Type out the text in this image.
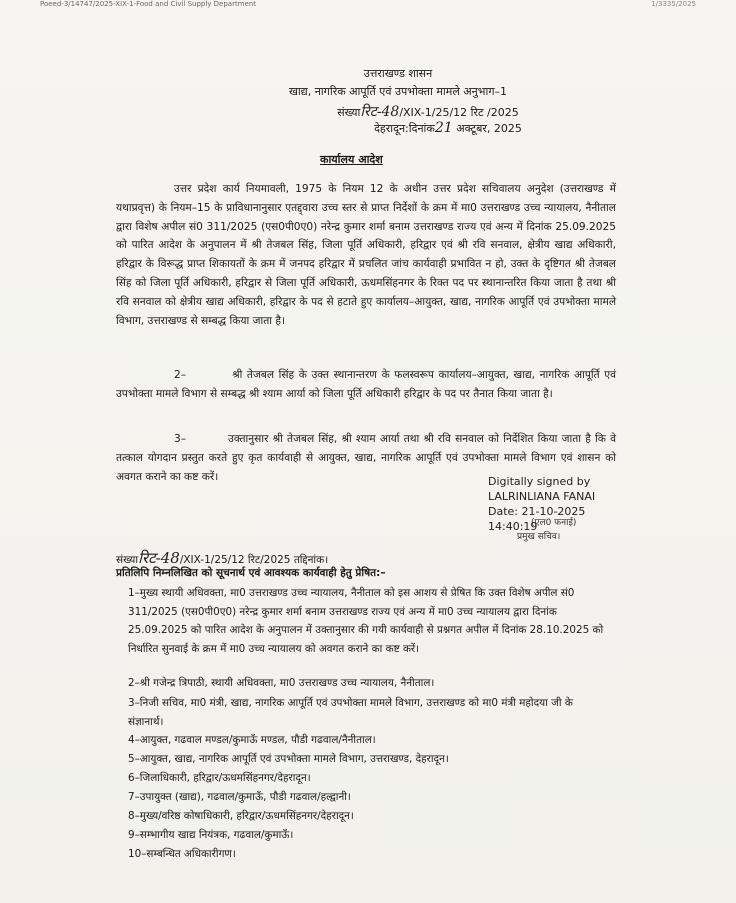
Poeed-3/14747/2025-XIX-1-Food and Civil Supply Department	1/3335/2025
उत्तराखण्ड शासन
खाद्य, नागरिक आपूर्ति एवं उपभोक्ता मामले अनुभाग–1
संख्यारिट-48/XIX-1/25/12 रिट /2025
देहरादून:दिनांक21 अक्टूबर, 2025
कार्यालय आदेश
उत्तर प्रदेश कार्य नियमावली, 1975 के नियम 12 के अधीन उत्तर प्रदेश सचिवालय अनुदेश (उत्तराखण्ड में यथाप्रवृत्त) के नियम–15 के प्राविधानानुसार एतद्द्वारा उच्च स्तर से प्राप्त निर्देशों के क्रम में मा0 उत्तराखण्ड उच्च न्यायालय, नैनीताल द्वारा विशेष अपील सं0 311/2025 (एस0पी0ए0) नरेन्द्र कुमार शर्मा बनाम उत्तराखण्ड राज्य एवं अन्य में दिनांक 25.09.2025 को पारित आदेश के अनुपालन में श्री तेजबल सिंह, जिला पूर्ति अधिकारी, हरिद्वार एवं श्री रवि सनवाल, क्षेत्रीय खाद्य अधिकारी, हरिद्वार के विरूद्ध प्राप्त शिकायतों के क्रम में जनपद हरिद्वार में प्रचलित जांच कार्यवाही प्रभावित न हो, उक्त के दृष्टिगत श्री तेजबल सिंह को जिला पूर्ति अधिकारी, हरिद्वार से जिला पूर्ति अधिकारी, ऊधमसिंहनगर के रिक्त पद पर स्थानान्तरित किया जाता है तथा श्री रवि सनवाल को क्षेत्रीय खाद्य अधिकारी, हरिद्वार के पद से हटाते हुए कार्यालय–आयुक्त, खाद्य, नागरिक आपूर्ति एवं उपभोक्ता मामले विभाग, उत्तराखण्ड से सम्बद्ध किया जाता है।
2–	श्री तेजबल सिंह के उक्त स्थानान्तरण के फलस्वरूप कार्यालय–आयुक्त, खाद्य, नागरिक आपूर्ति एवं उपभोक्ता मामले विभाग से सम्बद्ध श्री श्याम आर्या को जिला पूर्ति अधिकारी हरिद्वार के पद पर तैनात किया जाता है।
3–	उक्तानुसार श्री तेजबल सिंह, श्री श्याम आर्या तथा श्री रवि सनवाल को निर्देशित किया जाता है कि वे तत्काल योगदान प्रस्तुत करते हुए कृत कार्यवाही से आयुक्त, खाद्य, नागरिक आपूर्ति एवं उपभोक्ता मामले विभाग एवं शासन को अवगत कराने का कष्ट करें।	Digitally signed by
LALRINLIANA FANAI
Date: 21-10-2025
14:40:19
(एल0 फनाई)
प्रमुख सचिव।
संख्यारिट-48/XIX-1/25/12 रिट/2025 तद्दिनांक।
प्रतिलिपि निम्नलिखित को सूचनार्थ एवं आवश्यक कार्यवाही हेतु प्रेषित:–
1–मुख्य स्थायी अधिवक्ता, मा0 उत्तराखण्ड उच्च न्यायालय, नैनीताल को इस आशय से प्रेषित कि उक्त विशेष अपील सं0 311/2025 (एस0पी0ए0) नरेन्द्र कुमार शर्मा बनाम उत्तराखण्ड राज्य एवं अन्य में मा0 उच्च न्यायालय द्वारा दिनांक 25.09.2025 को पारित आदेश के अनुपालन में उक्तानुसार की गयी कार्यवाही से प्रश्नगत अपील में दिनांक 28.10.2025 को निर्धारित सुनवाई के क्रम में मा0 उच्च न्यायालय को अवगत कराने का कष्ट करें।
2–श्री गजेन्द्र त्रिपाठी, स्थायी अधिवक्ता, मा0 उत्तराखण्ड उच्च न्यायालय, नैनीताल।
3–निजी सचिव, मा0 मंत्री, खाद्य, नागरिक आपूर्ति एवं उपभोक्ता मामले विभाग, उत्तराखण्ड को मा0 मंत्री महोदया जी के संज्ञानार्थ।
4–आयुक्त, गढवाल मण्डल/कुमाऊँ मण्डल, पौडी गढवाल/नैनीताल।
5–आयुक्त, खाद्य, नागरिक आपूर्ति एवं उपभोक्ता मामले विभाग, उत्तराखण्ड, देहरादून।
6–जिलाधिकारी, हरिद्वार/ऊधमसिंहनगर/देहरादून।
7–उपायुक्त (खाद्य), गढवाल/कुमाऊँ, पौडी गढवाल/हल्द्वानी।
8–मुख्य/वरिष्ठ कोषाधिकारी, हरिद्वार/ऊधमसिंहनगर/देहरादून।
9–सम्भागीय खाद्य नियंत्रक, गढवाल/कुमाऊँ।
10–सम्बन्धित अधिकारीगण।
